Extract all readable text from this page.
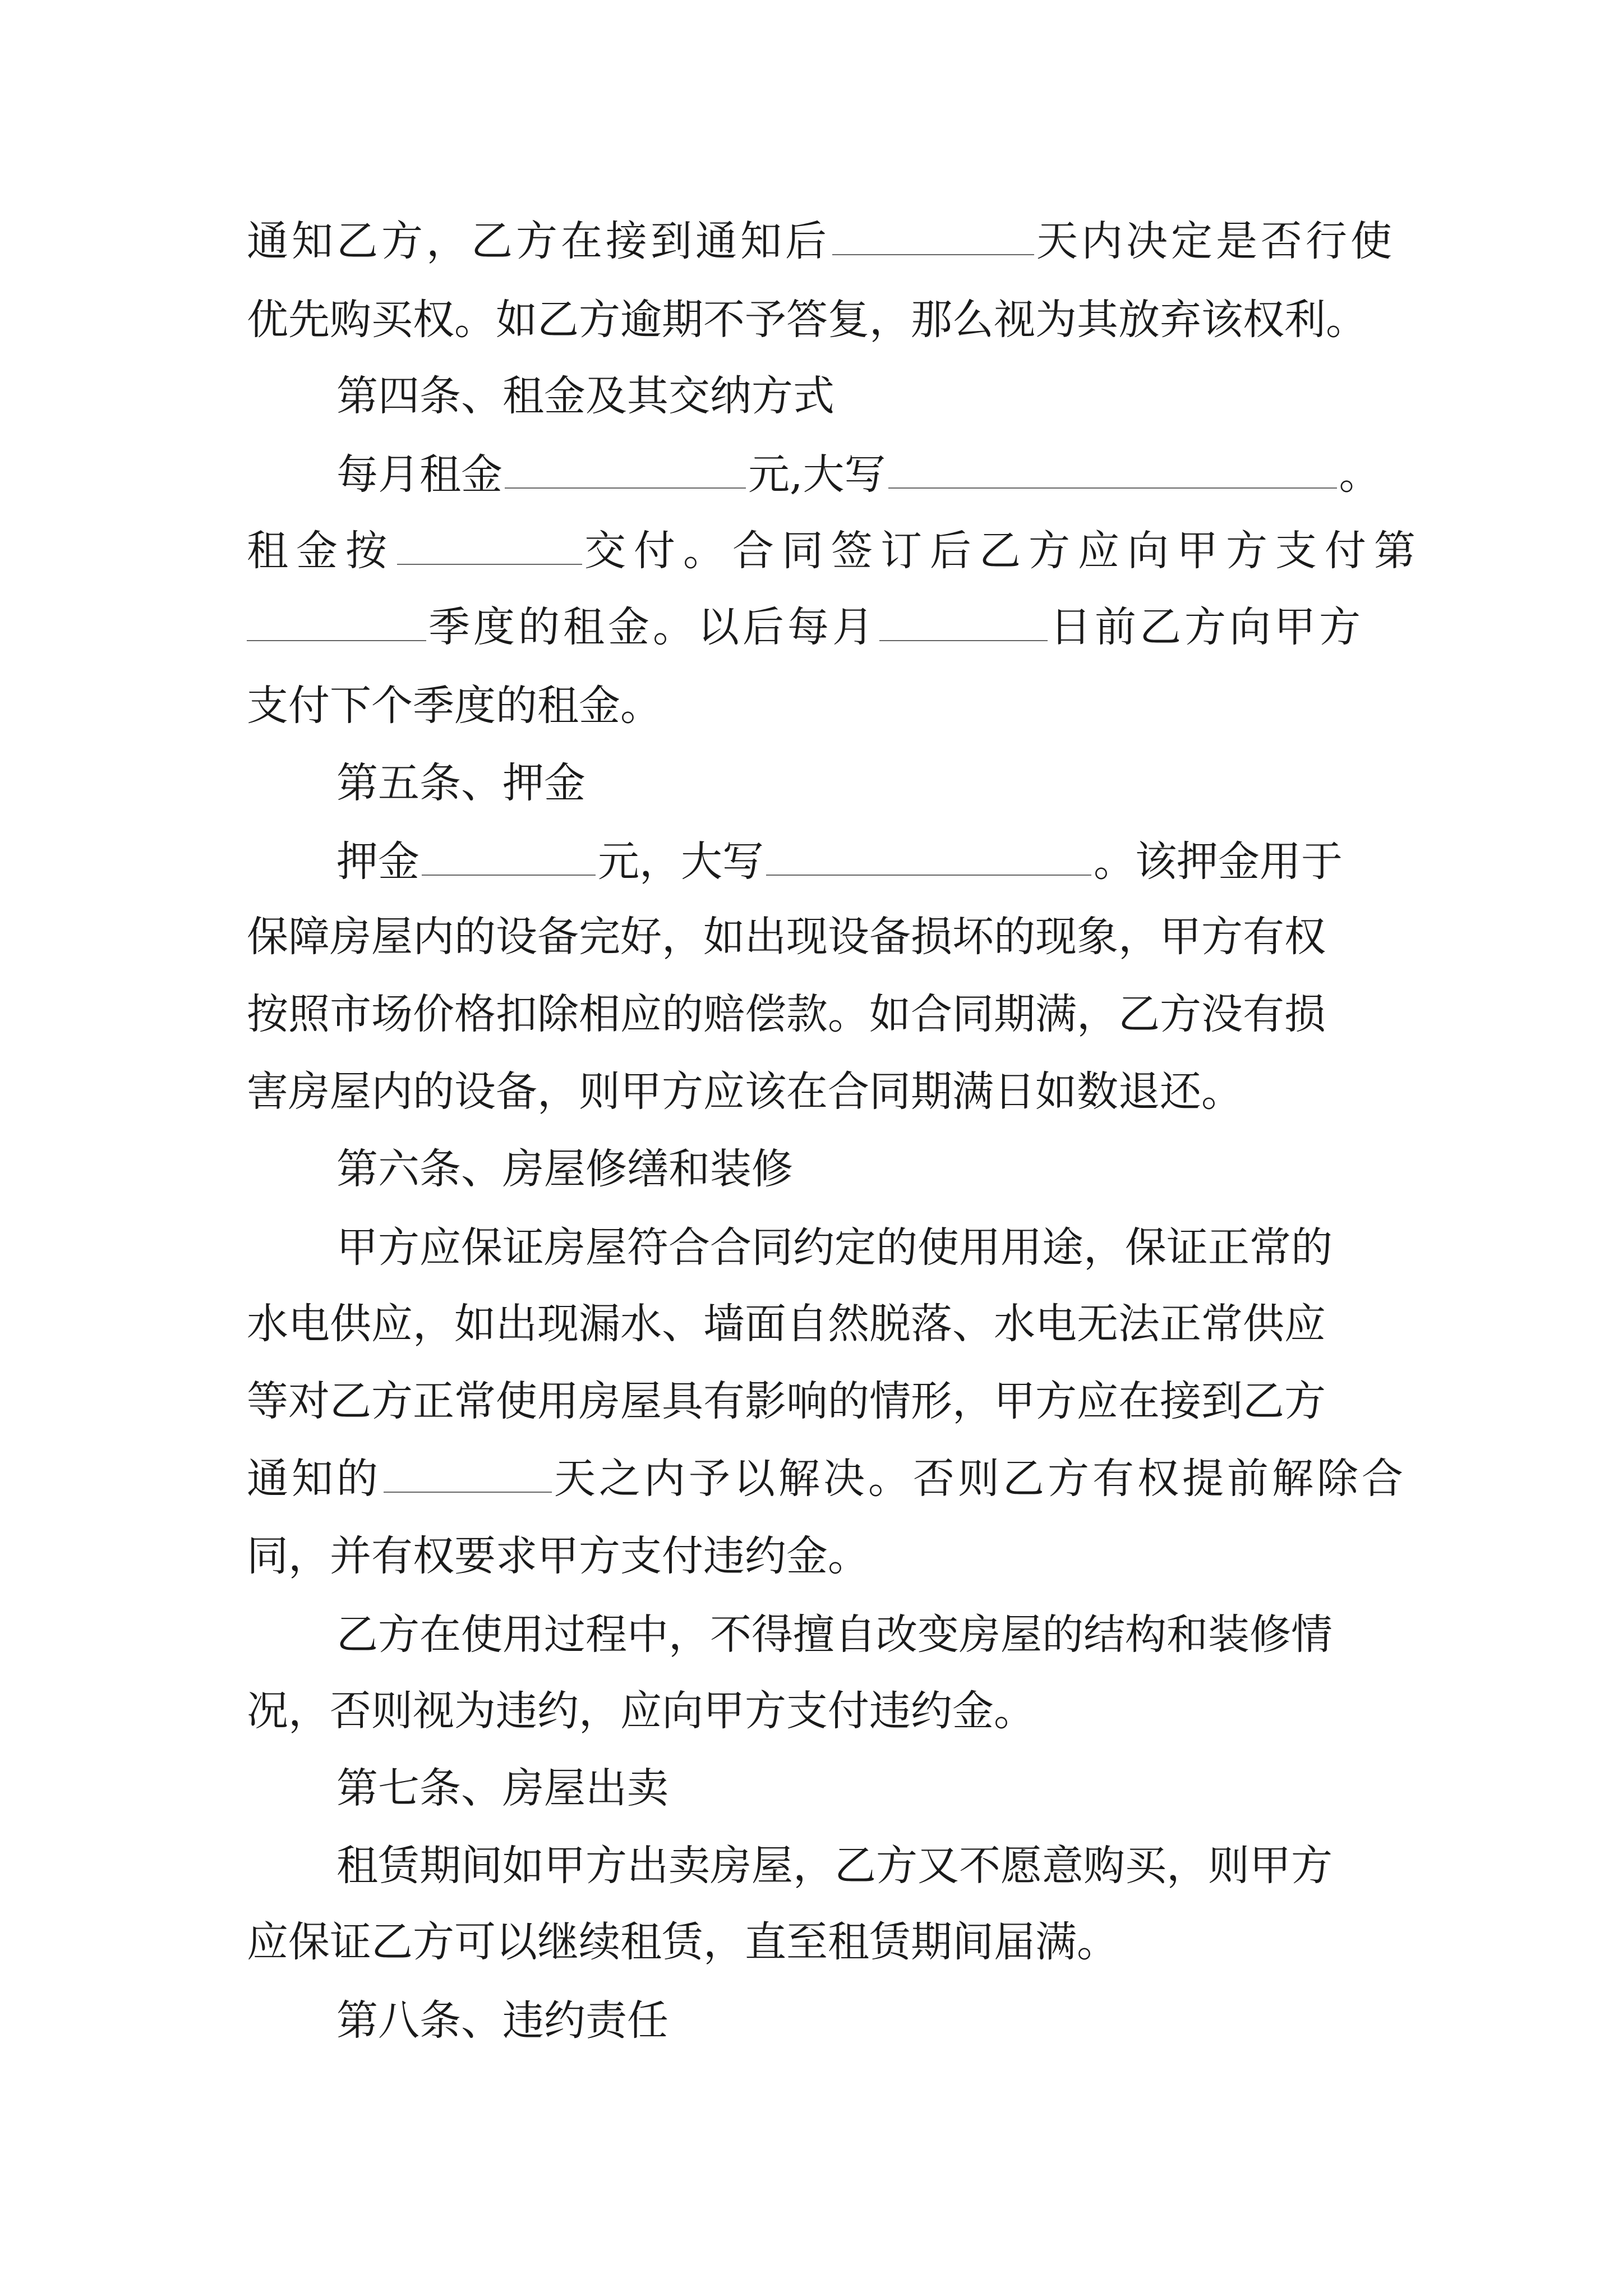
通知乙方，乙方在接到通知后	天内决定是否行使
优先购买权。如乙方逾期不予答复，那么视为其放弃该权利。
第四条、租金及其交纳方式
每月租金	元,大写	。
租金按	交付。合同签订后乙方应向甲方支付第
季度的租金。以后每月	日前乙方向甲方
支付下个季度的租金。
第五条、押金
押金	元，大写	。该押金用于
保障房屋内的设备完好，如出现设备损坏的现象，甲方有权
按照市场价格扣除相应的赔偿款。如合同期满，乙方没有损
害房屋内的设备，则甲方应该在合同期满日如数退还。
第六条、房屋修缮和装修
甲方应保证房屋符合合同约定的使用用途，保证正常的
水电供应，如出现漏水、墙面自然脱落、水电无法正常供应
等对乙方正常使用房屋具有影响的情形，甲方应在接到乙方
通知的	天之内予以解决。否则乙方有权提前解除合
同，并有权要求甲方支付违约金。
乙方在使用过程中，不得擅自改变房屋的结构和装修情
况，否则视为违约，应向甲方支付违约金。
第七条、房屋出卖
租赁期间如甲方出卖房屋，乙方又不愿意购买，则甲方
应保证乙方可以继续租赁，直至租赁期间届满。
第八条、违约责任
